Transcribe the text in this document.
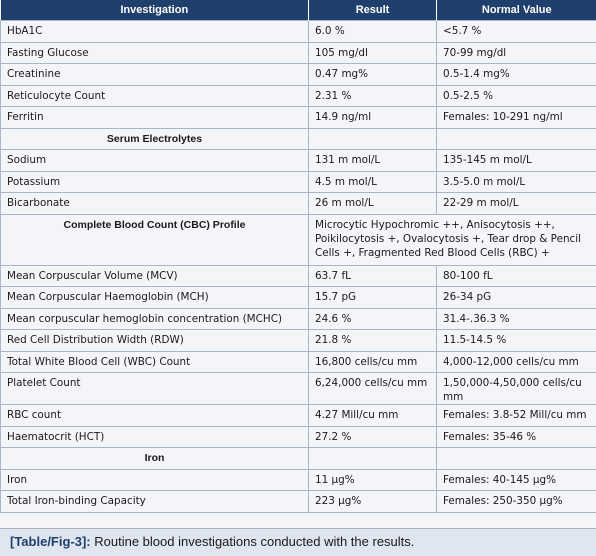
Investigation	Result	Normal Value
HbA1C	6.0 %	<5.7 %
Fasting Glucose	105 mg/dl	70-99 mg/dl
Creatinine	0.47 mg%	0.5-1.4 mg%
Reticulocyte Count	2.31 %	0.5-2.5 %
Ferritin	14.9 ng/ml	Females: 10-291 ng/ml
Serum Electrolytes		
Sodium	131 m mol/L	135-145 m mol/L
Potassium	4.5 m mol/L	3.5-5.0 m mol/L
Bicarbonate	26 m mol/L	22-29 m mol/L
Complete Blood Count (CBC) Profile	Microcytic Hypochromic ++, Anisocytosis ++, Poikilocytosis +, Ovalocytosis +, Tear drop & Pencil Cells +, Fragmented Red Blood Cells (RBC) +	
Mean Corpuscular Volume (MCV)	63.7 fL	80-100 fL
Mean Corpuscular Haemoglobin (MCH)	15.7 pG	26-34 pG
Mean corpuscular hemoglobin concentration (MCHC)	24.6 %	31.4-.36.3 %
Red Cell Distribution Width (RDW)	21.8 %	11.5-14.5 %
Total White Blood Cell (WBC) Count	16,800 cells/cu mm	4,000-12,000 cells/cu mm
Platelet Count	6,24,000 cells/cu mm	1,50,000-4,50,000 cells/cu mm
RBC count	4.27 Mill/cu mm	Females: 3.8-52 Mill/cu mm
Haematocrit (HCT)	27.2 %	Females: 35-46 %
Iron		
Iron	11 µg%	Females: 40-145 µg%
Total Iron-binding Capacity	223 µg%	Females: 250-350 µg%
[Table/Fig-3]: Routine blood investigations conducted with the results.
